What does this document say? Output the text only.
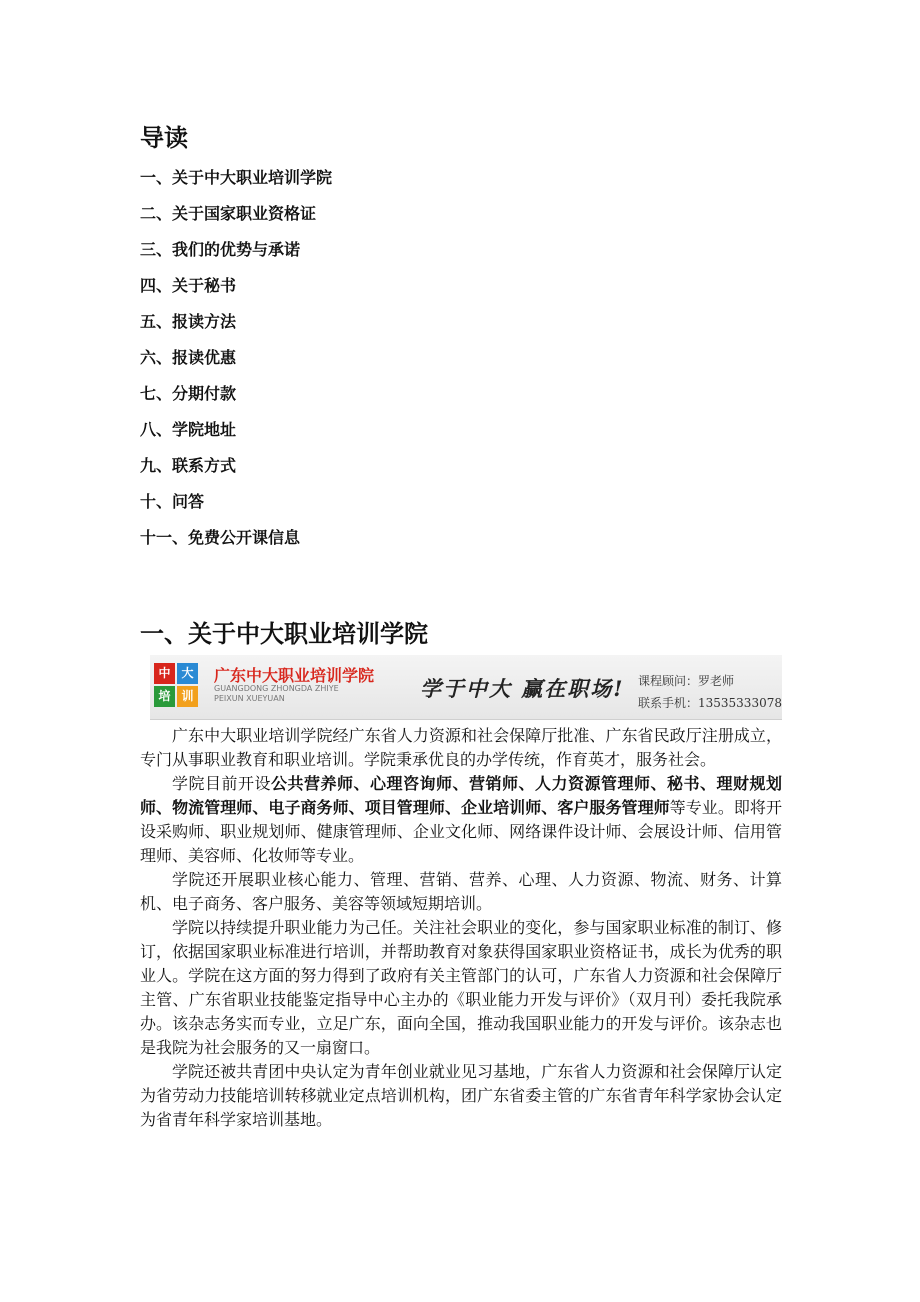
导读
一、关于中大职业培训学院
二、关于国家职业资格证
三、我们的优势与承诺
四、关于秘书
五、报读方法
六、报读优惠
七、分期付款
八、学院地址
九、联系方式
十、问答
十一、免费公开课信息
一、关于中大职业培训学院
中 大
培 训
广东中大职业培训学院
GUANGDONG ZHONGDA ZHIYE
PEIXUN XUEYUAN	学于中大 赢在职场! 课程顾问：罗老师
联系手机：13535333078

广东中大职业培训学院经广东省人力资源和社会保障厅批准、广东省民政厅注册成立，专门从事职业教育和职业培训。学院秉承优良的办学传统，作育英才，服务社会。

学院目前开设公共营养师、心理咨询师、营销师、人力资源管理师、秘书、理财规划师、物流管理师、电子商务师、项目管理师、企业培训师、客户服务管理师等专业。即将开设采购师、职业规划师、健康管理师、企业文化师、网络课件设计师、会展设计师、信用管理师、美容师、化妆师等专业。

学院还开展职业核心能力、管理、营销、营养、心理、人力资源、物流、财务、计算机、电子商务、客户服务、美容等领域短期培训。

学院以持续提升职业能力为己任。关注社会职业的变化，参与国家职业标准的制订、修订，依据国家职业标准进行培训，并帮助教育对象获得国家职业资格证书，成长为优秀的职业人。学院在这方面的努力得到了政府有关主管部门的认可，广东省人力资源和社会保障厅主管、广东省职业技能鉴定指导中心主办的《职业能力开发与评价》（双月刊）委托我院承办。该杂志务实而专业，立足广东，面向全国，推动我国职业能力的开发与评价。该杂志也是我院为社会服务的又一扇窗口。

学院还被共青团中央认定为青年创业就业见习基地，广东省人力资源和社会保障厅认定为省劳动力技能培训转移就业定点培训机构，团广东省委主管的广东省青年科学家协会认定为省青年科学家培训基地。
